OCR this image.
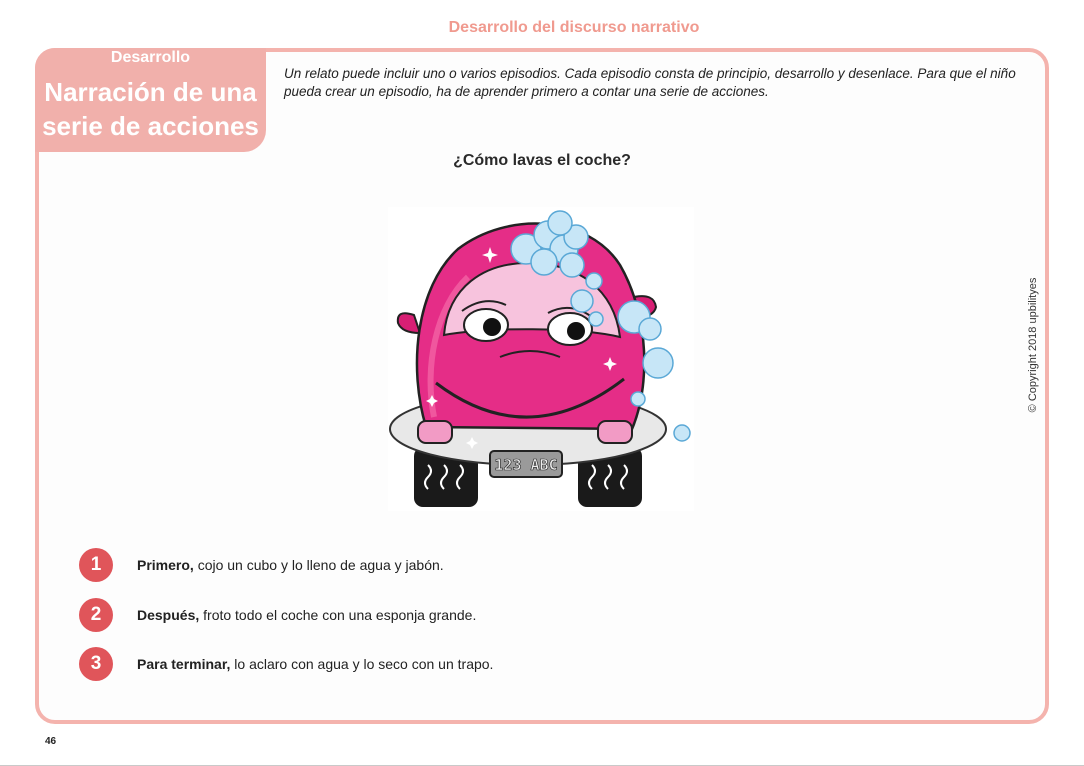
Desarrollo del discurso narrativo
Desarrollo
Narración de una
serie de acciones
Un relato puede incluir uno o varios episodios. Cada episodio consta de principio, desarrollo y desenlace. Para que el niño
pueda crear un episodio, ha de aprender primero a contar una serie de acciones.
¿Cómo lavas el coche?
123 ABC
1	Primero, cojo un cubo y lo lleno de agua y jabón.
2	Después, froto todo el coche con una esponja grande.
3	Para terminar, lo aclaro con agua y lo seco con un trapo.
© Copyright 2018 upbilityes
46
